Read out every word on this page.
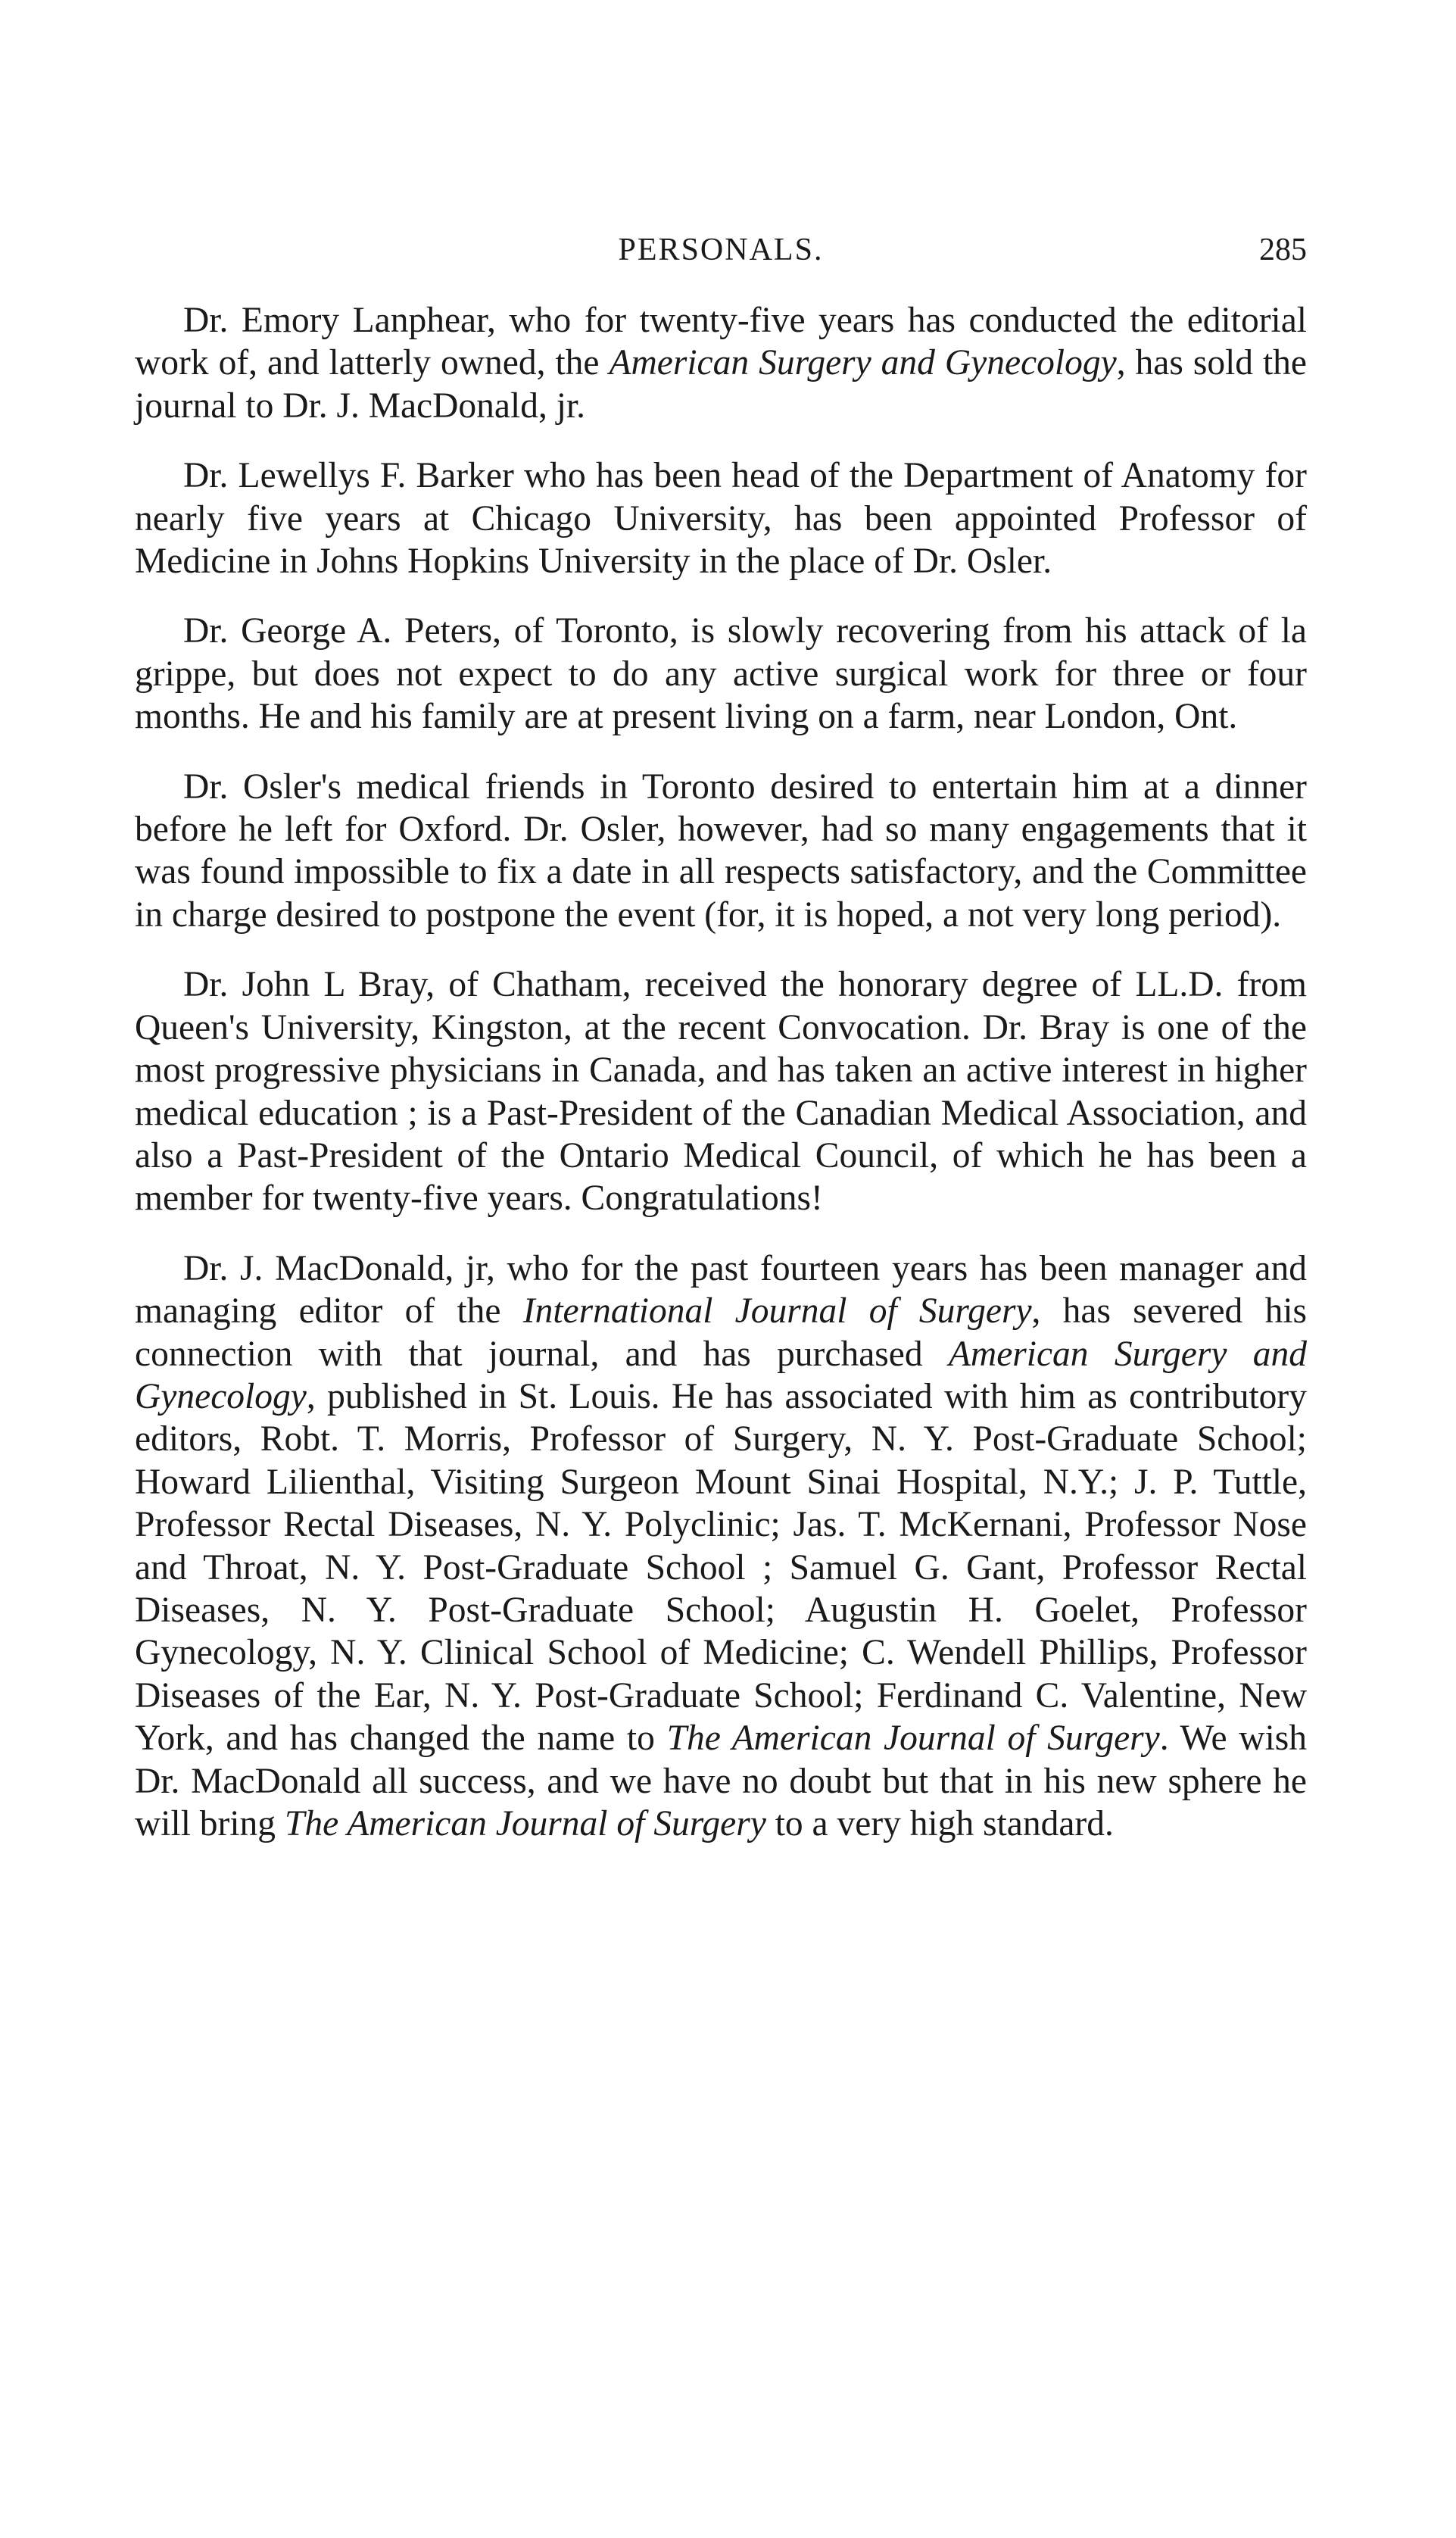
PERSONALS.	285

Dr. Emory Lanphear, who for twenty-five years has conducted the editorial work of, and latterly owned, the American Surgery and Gynecology, has sold the journal to Dr. J. MacDonald, jr.

Dr. Lewellys F. Barker who has been head of the Department of Anatomy for nearly five years at Chicago University, has been appointed Professor of Medicine in Johns Hopkins University in the place of Dr. Osler.

Dr. George A. Peters, of Toronto, is slowly recovering from his attack of la grippe, but does not expect to do any active surgical work for three or four months. He and his family are at present living on a farm, near London, Ont.

Dr. Osler's medical friends in Toronto desired to entertain him at a dinner before he left for Oxford. Dr. Osler, however, had so many engagements that it was found impossible to fix a date in all respects satisfactory, and the Committee in charge desired to postpone the event (for, it is hoped, a not very long period).

Dr. John L Bray, of Chatham, received the honorary degree of LL.D. from Queen's University, Kingston, at the recent Convocation. Dr. Bray is one of the most progressive physicians in Canada, and has taken an active interest in higher medical education ; is a Past-President of the Canadian Medical Association, and also a Past-President of the Ontario Medical Council, of which he has been a member for twenty-five years. Congratulations!

Dr. J. MacDonald, jr, who for the past fourteen years has been manager and managing editor of the International Journal of Surgery, has severed his connection with that journal, and has purchased American Surgery and Gynecology, published in St. Louis. He has associated with him as contributory editors, Robt. T. Morris, Professor of Surgery, N. Y. Post-Graduate School; Howard Lilienthal, Visiting Surgeon Mount Sinai Hospital, N.Y.; J. P. Tuttle, Professor Rectal Diseases, N. Y. Polyclinic; Jas. T. McKernani, Professor Nose and Throat, N. Y. Post-Graduate School ; Samuel G. Gant, Professor Rectal Diseases, N. Y. Post-Graduate School; Augustin H. Goelet, Professor Gynecology, N. Y. Clinical School of Medicine; C. Wendell Phillips, Professor Diseases of the Ear, N. Y. Post-Graduate School; Ferdinand C. Valentine, New York, and has changed the name to The American Journal of Surgery. We wish Dr. MacDonald all success, and we have no doubt but that in his new sphere he will bring The American Journal of Surgery to a very high standard.
